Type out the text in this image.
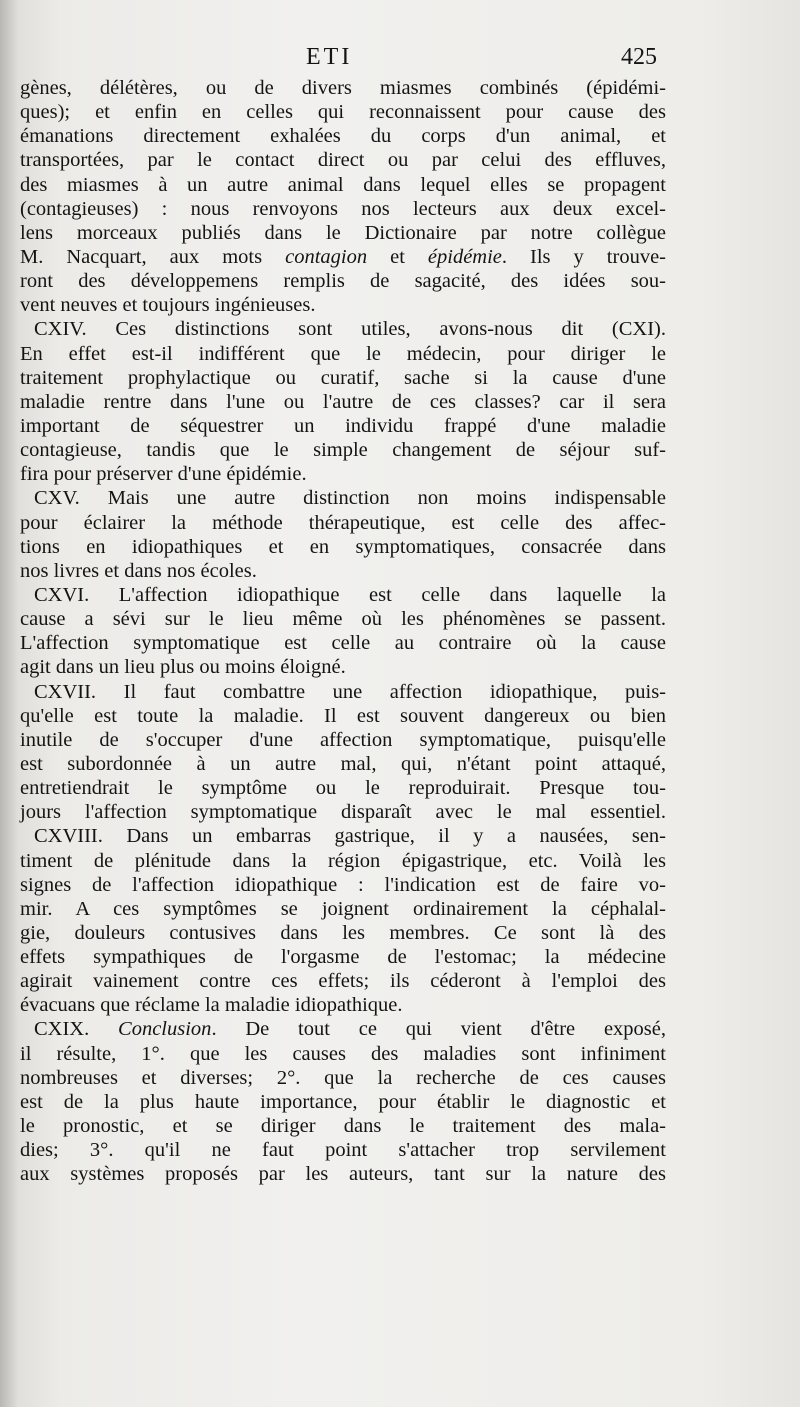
ETI	425
gènes, délétères, ou de divers miasmes combinés (épidémi-
ques); et enfin en celles qui reconnaissent pour cause des
émanations directement exhalées du corps d'un animal, et
transportées, par le contact direct ou par celui des effluves,
des miasmes à un autre animal dans lequel elles se propagent
(contagieuses) : nous renvoyons nos lecteurs aux deux excel-
lens morceaux publiés dans le Dictionaire par notre collègue
M. Nacquart, aux mots contagion et épidémie. Ils y trouve-
ront des développemens remplis de sagacité, des idées sou-
vent neuves et toujours ingénieuses.
CXIV. Ces distinctions sont utiles, avons-nous dit (CXI).
En effet est-il indifférent que le médecin, pour diriger le
traitement prophylactique ou curatif, sache si la cause d'une
maladie rentre dans l'une ou l'autre de ces classes? car il sera
important de séquestrer un individu frappé d'une maladie
contagieuse, tandis que le simple changement de séjour suf-
fira pour préserver d'une épidémie.
CXV. Mais une autre distinction non moins indispensable
pour éclairer la méthode thérapeutique, est celle des affec-
tions en idiopathiques et en symptomatiques, consacrée dans
nos livres et dans nos écoles.
CXVI. L'affection idiopathique est celle dans laquelle la
cause a sévi sur le lieu même où les phénomènes se passent.
L'affection symptomatique est celle au contraire où la cause
agit dans un lieu plus ou moins éloigné.
CXVII. Il faut combattre une affection idiopathique, puis-
qu'elle est toute la maladie. Il est souvent dangereux ou bien
inutile de s'occuper d'une affection symptomatique, puisqu'elle
est subordonnée à un autre mal, qui, n'étant point attaqué,
entretiendrait le symptôme ou le reproduirait. Presque tou-
jours l'affection symptomatique disparaît avec le mal essentiel.
CXVIII. Dans un embarras gastrique, il y a nausées, sen-
timent de plénitude dans la région épigastrique, etc. Voilà les
signes de l'affection idiopathique : l'indication est de faire vo-
mir. A ces symptômes se joignent ordinairement la céphalal-
gie, douleurs contusives dans les membres. Ce sont là des
effets sympathiques de l'orgasme de l'estomac; la médecine
agirait vainement contre ces effets; ils céderont à l'emploi des
évacuans que réclame la maladie idiopathique.
CXIX. Conclusion. De tout ce qui vient d'être exposé,
il résulte, 1°. que les causes des maladies sont infiniment
nombreuses et diverses; 2°. que la recherche de ces causes
est de la plus haute importance, pour établir le diagnostic et
le pronostic, et se diriger dans le traitement des mala-
dies; 3°. qu'il ne faut point s'attacher trop servilement
aux systèmes proposés par les auteurs, tant sur la nature des
